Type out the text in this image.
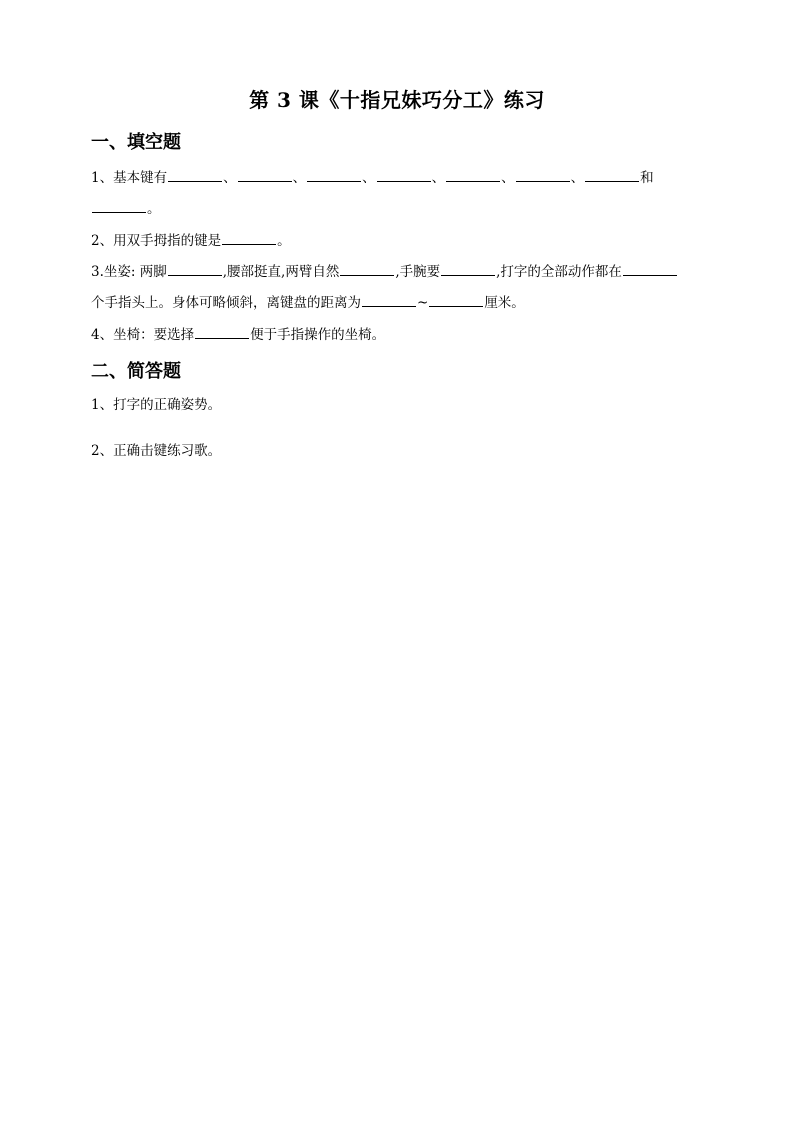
第 3 课《十指兄妹巧分工》练习
一、填空题
1、基本键有	、	、	、	、	、	、	和
。
2、用双手拇指的键是	。
3.坐姿: 两脚	,腰部挺直,两臂自然	,手腕要	,打字的全部动作都在
个手指头上。身体可略倾斜，离键盘的距离为	~	厘米。
4、坐椅：要选择	便于手指操作的坐椅。
二、简答题
1、打字的正确姿势。
2、正确击键练习歌。
